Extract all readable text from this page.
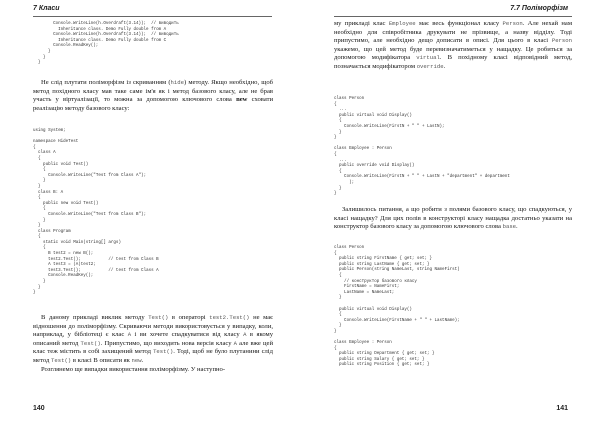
7 Класи
Console.WriteLine(h.Overdraft(3.14));  // виводить
Inheritance class. Demo Fully double from A
Console.WriteLine(h.Overdraft(3.14));  // виводить
Inheritance class. Demo Fully double from C
Console.ReadKey();
}
}
}

Не слід плутати поліморфізм із скриванням (hide) методу. Якщо необхідно, щоб метод похідного класу мав таке саме ім'я як і метод базового класу, але не брав участь у віртуалізації, то можна за допомогою ключового слова new сховати реалізацію методу базового класу:

using System;

namespace HideTest
{
class A
{
public void Test()
{
Console.WriteLine("Test from Class A");
}
}
class B: A
{
public new void Test()
{
Console.WriteLine("Test from Class B");
}
}
class Program
{
static void Main(string[] args)
{
B test2 = new B();
test2.Test();           // test from Class B
A test3 = (A)test2;
test3.Test();           // test from Class A
Console.ReadKey();
}
}
}

В даному прикладі виклик методу Test() в операторі test2.Test() не має відношення до поліморфізму. Скриваючи методи використовується у випадку, коли, наприклад, у бібліотеці є клас A і ви хочете спадкуватися від класу A в якому описаний метод Test(). Припустимо, що виходить нова версія класу A але вже цей клас теж містить в собі захищений метод Test(). Тоді, щоб не було плутанини слід метод Test() в класі B описати як new.

Розглянемо ще випадки використання поліморфізму. У наступно-

140
7.7 Поліморфізм

му прикладі клас Employee має весь функціонал класу Person. Але нехай нам необхідно для співробітника друкувати не прізвище, а назву відділу. Тоді припустимо, але необхідно дещо дописати в описі. Для цього в класі Person укажемо, що цей метод буде перевизначатиметься у нащадку. Це робиться за допомогою модифікатора virtual. В похідному класі відповідний метод, позначається модифікатором override.

class Person
{
...
public virtual void Display()
{
Console.WriteLine(FirstN + " " + LastN);
}
}

class Employee : Person
{
...
public override void Display()
{
Console.WriteLine(FirstN + " " + LastN + "department" + department
);
}
}

Залишилось питання, а що робити з полями базового класу, що спадкуються, у класі нащадку? Для цих полів в конструкторі класу нащадка достатньо указати на конструктор базового класу за допомогою ключового слова base.

class Person
{
public string FirstName { get; set; }
public string LastName { get; set; }
public Person(string NameLast, string NameFirst)
{
// конструктор базового класу
FirstName = NameFirst;
LastName = NameLast;
}

public virtual void Display()
{
Console.WriteLine(FirstName + " " + LastName);
}
}

class Employee : Person
{
public string Department { get; set; }
public string Salary { get; set; }
public string Position { get; set; }
141
